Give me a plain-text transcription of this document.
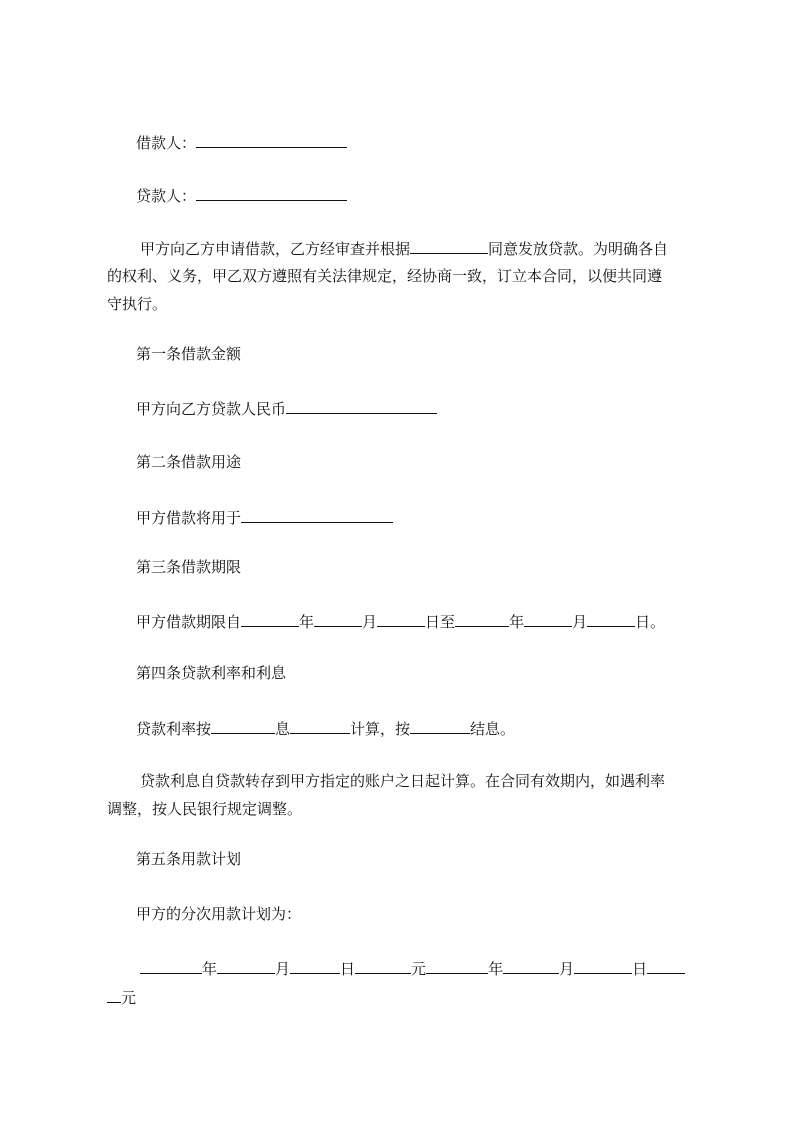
借款人：
贷款人：
甲方向乙方申请借款，乙方经审查并根据	同意发放贷款。为明确各自
的权利、义务，甲乙双方遵照有关法律规定，经协商一致，订立本合同，以便共同遵
守执行。
第一条借款金额
甲方向乙方贷款人民币
第二条借款用途
甲方借款将用于
第三条借款期限
甲方借款期限自	年	月	日至	年	月	日。
第四条贷款利率和利息
贷款利率按	息	计算，按	结息。
贷款利息自贷款转存到甲方指定的账户之日起计算。在合同有效期内，如遇利率
调整，按人民银行规定调整。
第五条用款计划
甲方的分次用款计划为：
年	月	日	元	年	月	日
元
